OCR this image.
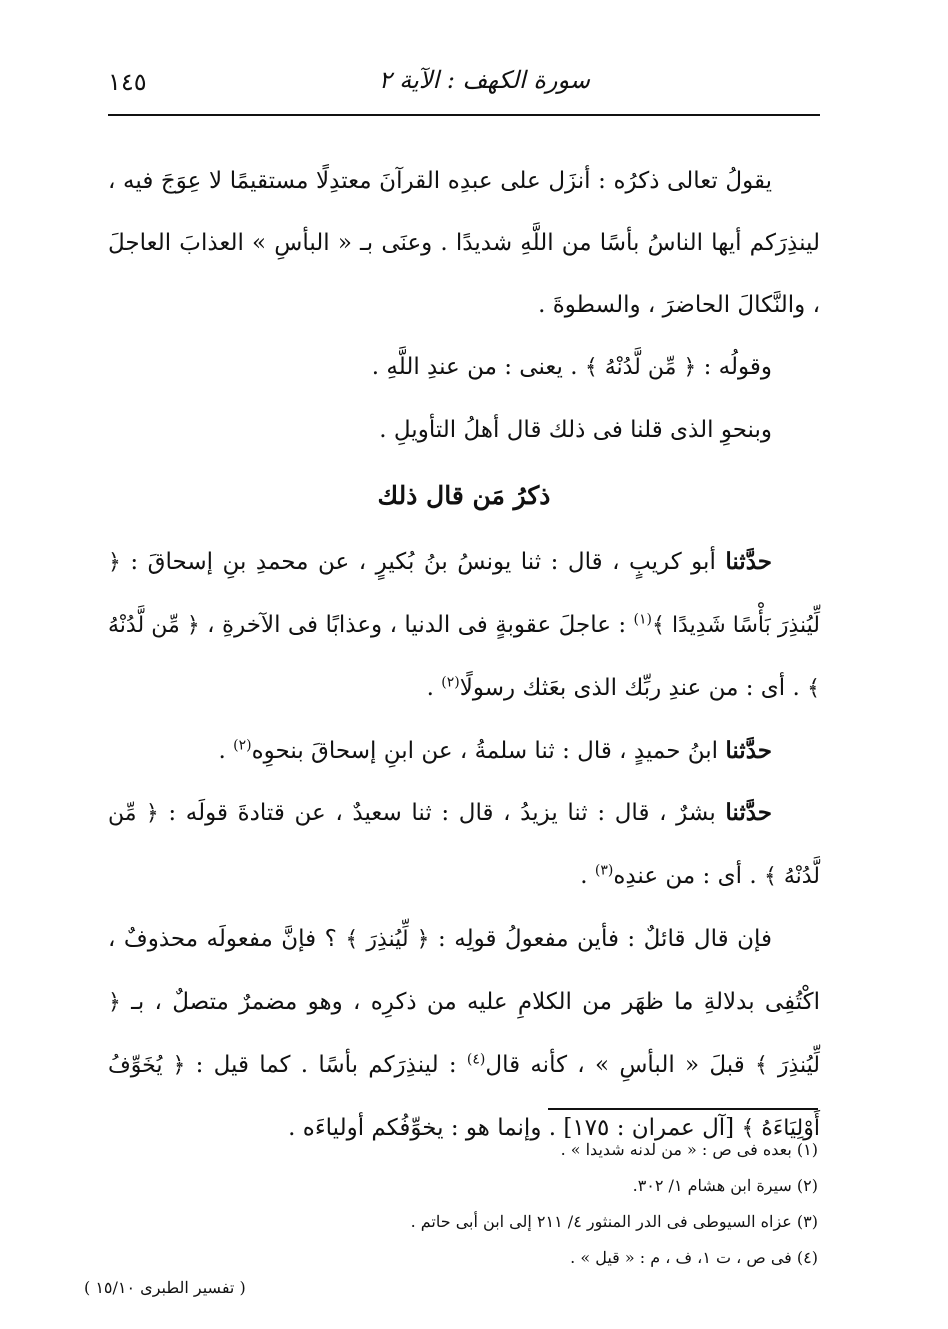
١٤٥	سورة الكهف : الآية ٢

يقولُ تعالى ذكرُه : أنزَل على عبدِه القرآنَ معتدِلًا مستقيمًا لا عِوَجَ فيه ، لينذِرَكم أيها الناسُ بأسًا من اللَّهِ شديدًا . وعنَى بـ « البأسِ » العذابَ العاجلَ ، والنَّكالَ الحاضرَ ، والسطوةَ .

وقولُه : ﴿ مِّن لَّدُنْهُ ﴾ . يعنى : من عندِ اللَّهِ .

وبنحوِ الذى قلنا فى ذلك قال أهلُ التأويلِ .

ذكرُ مَن قال ذلك

حدَّثنا أبو كريبٍ ، قال : ثنا يونسُ بنُ بُكيرٍ ، عن محمدِ بنِ إسحاقَ : ﴿ لِّيُنذِرَ بَأْسًا شَدِيدًا ﴾$^{(١)}$ : عاجلَ عقوبةٍ فى الدنيا ، وعذابًا فى الآخرةِ ، ﴿ مِّن لَّدُنْهُ ﴾ . أى : من عندِ ربِّك الذى بعَثك رسولًا$^{(٢)}$ .

حدَّثنا ابنُ حميدٍ ، قال : ثنا سلمةُ ، عن ابنِ إسحاقَ بنحوِه$^{(٢)}$ .

حدَّثنا بشرٌ ، قال : ثنا يزيدُ ، قال : ثنا سعيدٌ ، عن قتادةَ قولَه : ﴿ مِّن لَّدُنْهُ ﴾ . أى : من عندِه$^{(٣)}$ .

فإن قال قائلٌ : فأين مفعولُ قولِه : ﴿ لِّيُنذِرَ ﴾ ؟ فإنَّ مفعولَه محذوفٌ ، اكْتُفِى بدلالةِ ما ظهَر من الكلامِ عليه من ذكرِه ، وهو مضمرٌ متصلٌ ، بـ ﴿ لِّيُنذِرَ ﴾ قبلَ « البأسِ » ، كأنه قال$^{(٤)}$ : لينذِرَكم بأسًا . كما قيل : ﴿ يُخَوِّفُ أَوْلِيَاءَهُ ﴾ [آل عمران : ١٧٥] . وإنما هو : يخوِّفُكم أولياءَه .

(١) بعده فى ص : « من لدنه شديدا » .

(٢) سيرة ابن هشام ١/ ٣٠٢.

(٣) عزاه السيوطى فى الدر المنثور ٤/ ٢١١ إلى ابن أبى حاتم .

(٤) فى ص ، ت ١، ف ، م : « قيل » .

( تفسير الطبرى ١٥/١٠ )
